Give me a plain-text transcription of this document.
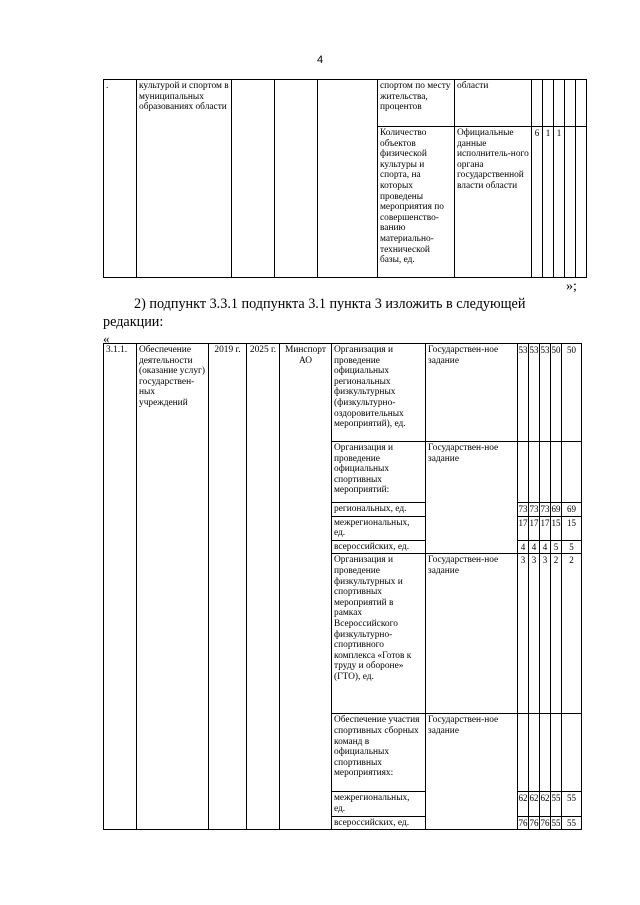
4
.	культурой и спортом в муниципальных образованиях области				спортом по месту жительства, процентов	области					
					Количество объектов физической культуры и спорта, на которых проведены мероприятия по совершенство-ванию материально-технической базы, ед.	Официальные данные исполнитель-ного органа государственной власти области	6	1	1		
»;
2) подпункт 3.3.1 подпункта 3.1 пункта 3 изложить в следующей
редакции:
«
3.1.1.	Обеспечение деятельности (оказание услуг) государствен-ных учреждений	2019 г.	2025 г.	Минспорт АО	Организация и проведение официальных региональных физкультурных (физкультурно-оздоровительных мероприятий), ед.	Государствен-ное задание	53	53	53	50	50
					Организация и проведение официальных спортивных мероприятий:	Государствен-ное задание					
					региональных, ед.		73	73	73	69	69
					межрегиональных, ед.		17	17	17	15	15
					всероссийских, ед.		4	4	4	5	5
					Организация и проведение физкультурных и спортивных мероприятий в рамках Всероссийского физкультурно-спортивного комплекса «Готов к труду и обороне» (ГТО), ед.	Государствен-ное задание	3	3	3	2	2
					Обеспечение участия спортивных сборных команд в официальных спортивных мероприятиях:	Государствен-ное задание					
					межрегиональных, ед.		62	62	62	55	55
					всероссийских, ед.		76	76	76	55	55
